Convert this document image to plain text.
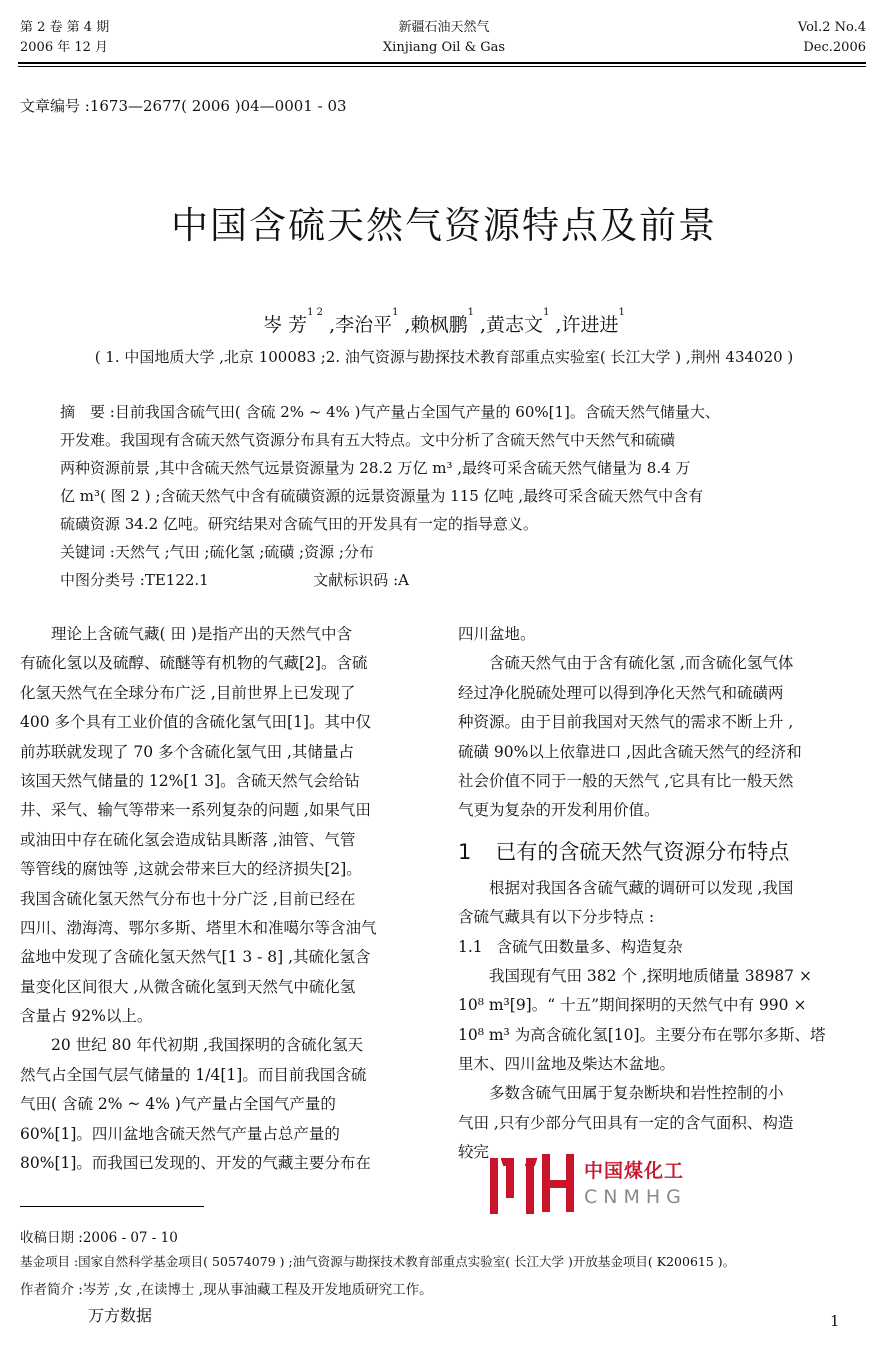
第 2 卷 第 4 期
2006 年 12 月
新疆石油天然气
Xinjiang Oil & Gas
Vol.2 No.4
Dec.2006
文章编号 :1673—2677( 2006 )04—0001 - 03
中国含硫天然气资源特点及前景
岑 芳$^{1 2}$ ,李治平$^1$ ,赖枫鹏$^1$ ,黄志文$^1$ ,许进进$^1$
( 1. 中国地质大学 ,北京 100083 ;2. 油气资源与勘探技术教育部重点实验室( 长江大学 ) ,荆州 434020 )
摘　要 :目前我国含硫气田( 含硫 2% ~ 4% )气产量占全国气产量的 60%[1]。含硫天然气储量大、
开发难。我国现有含硫天然气资源分布具有五大特点。文中分析了含硫天然气中天然气和硫磺
两种资源前景 ,其中含硫天然气远景资源量为 28.2 万亿 m³ ,最终可采含硫天然气储量为 8.4 万
亿 m³( 图 2 ) ;含硫天然气中含有硫磺资源的远景资源量为 115 亿吨 ,最终可采含硫天然气中含有
硫磺资源 34.2 亿吨。研究结果对含硫气田的开发具有一定的指导意义。
关键词 :天然气 ;气田 ;硫化氢 ;硫磺 ;资源 ;分布
中图分类号 :TE122.1	文献标识码 :A
　　理论上含硫气藏( 田 )是指产出的天然气中含
有硫化氢以及硫醇、硫醚等有机物的气藏[2]。含硫
化氢天然气在全球分布广泛 ,目前世界上已发现了
400 多个具有工业价值的含硫化氢气田[1]。其中仅
前苏联就发现了 70 多个含硫化氢气田 ,其储量占
该国天然气储量的 12%[1 3]。含硫天然气会给钻
井、采气、输气等带来一系列复杂的问题 ,如果气田
或油田中存在硫化氢会造成钻具断落 ,油管、气管
等管线的腐蚀等 ,这就会带来巨大的经济损失[2]。
我国含硫化氢天然气分布也十分广泛 ,目前已经在
四川、渤海湾、鄂尔多斯、塔里木和准噶尔等含油气
盆地中发现了含硫化氢天然气[1 3 - 8] ,其硫化氢含
量变化区间很大 ,从微含硫化氢到天然气中硫化氢
含量占 92%以上。
　　20 世纪 80 年代初期 ,我国探明的含硫化氢天
然气占全国气层气储量的 1/4[1]。而目前我国含硫
气田( 含硫 2% ~ 4% )气产量占全国气产量的
60%[1]。四川盆地含硫天然气产量占总产量的
80%[1]。而我国已发现的、开发的气藏主要分布在
四川盆地。
　　含硫天然气由于含有硫化氢 ,而含硫化氢气体
经过净化脱硫处理可以得到净化天然气和硫磺两
种资源。由于目前我国对天然气的需求不断上升 ,
硫磺 90%以上依靠进口 ,因此含硫天然气的经济和
社会价值不同于一般的天然气 ,它具有比一般天然
气更为复杂的开发利用价值。
1 已有的含硫天然气资源分布特点
　　根据对我国各含硫气藏的调研可以发现 ,我国
含硫气藏具有以下分步特点 :
1.1 含硫气田数量多、构造复杂
　　我国现有气田 382 个 ,探明地质储量 38987 ×
10⁸ m³[9]。“ 十五”期间探明的天然气中有 990 ×
10⁸ m³ 为高含硫化氢[10]。主要分布在鄂尔多斯、塔
里木、四川盆地及柴达木盆地。
　　多数含硫气田属于复杂断块和岩性控制的小
气田 ,只有少部分气田具有一定的含气面积、构造
较完
中国煤化工
CNMHG
收稿日期 :2006 - 07 - 10
基金项目 :国家自然科学基金项目( 50574079 ) ;油气资源与勘探技术教育部重点实验室( 长江大学 )开放基金项目( K200615 )。
作者简介 :岑芳 ,女 ,在读博士 ,现从事油藏工程及开发地质研究工作。
万方数据	1
